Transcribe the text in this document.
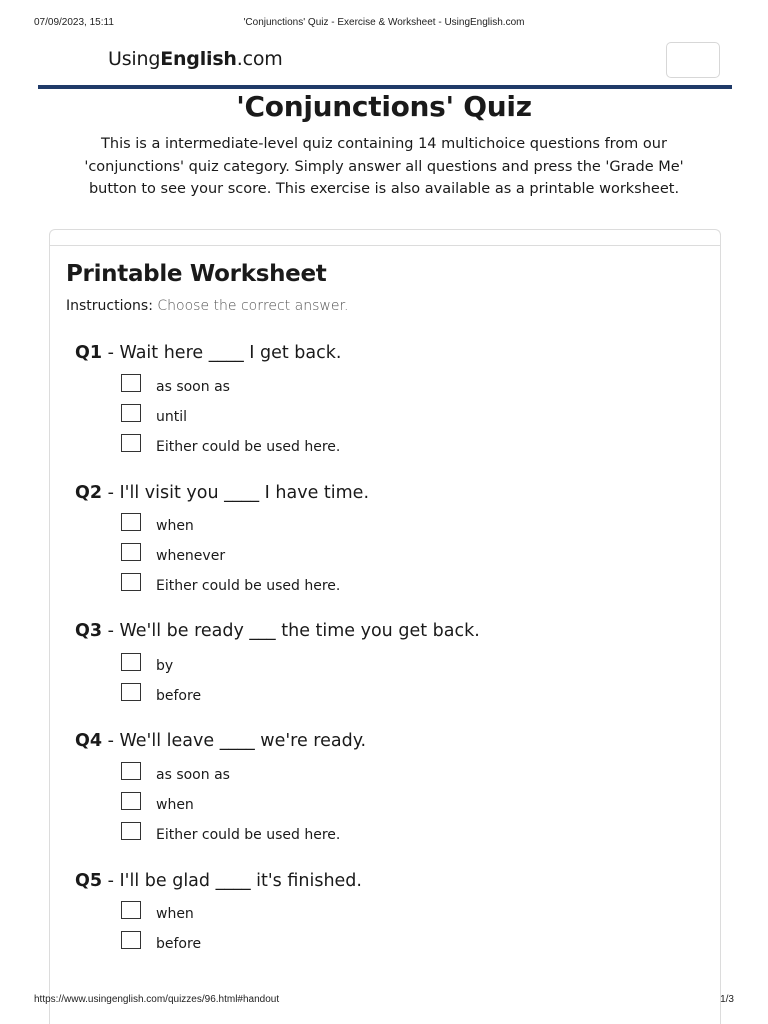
07/09/2023, 15:11	'Conjunctions' Quiz - Exercise & Worksheet - UsingEnglish.com
UsingEnglish.com
'Conjunctions' Quiz

This is a intermediate-level quiz containing 14 multichoice questions from our 'conjunctions' quiz category. Simply answer all questions and press the 'Grade Me' button to see your score. This exercise is also available as a printable worksheet.

Printable Worksheet
Instructions: Choose the correct answer.
Q1 - Wait here ____ I get back.
as soon as
until
Either could be used here.
Q2 - I'll visit you ____ I have time.
when
whenever
Either could be used here.
Q3 - We'll be ready ___ the time you get back.
by
before
Q4 - We'll leave ____ we're ready.
as soon as
when
Either could be used here.
Q5 - I'll be glad ____ it's finished.
when
before
https://www.usingenglish.com/quizzes/96.html#handout	1/3
